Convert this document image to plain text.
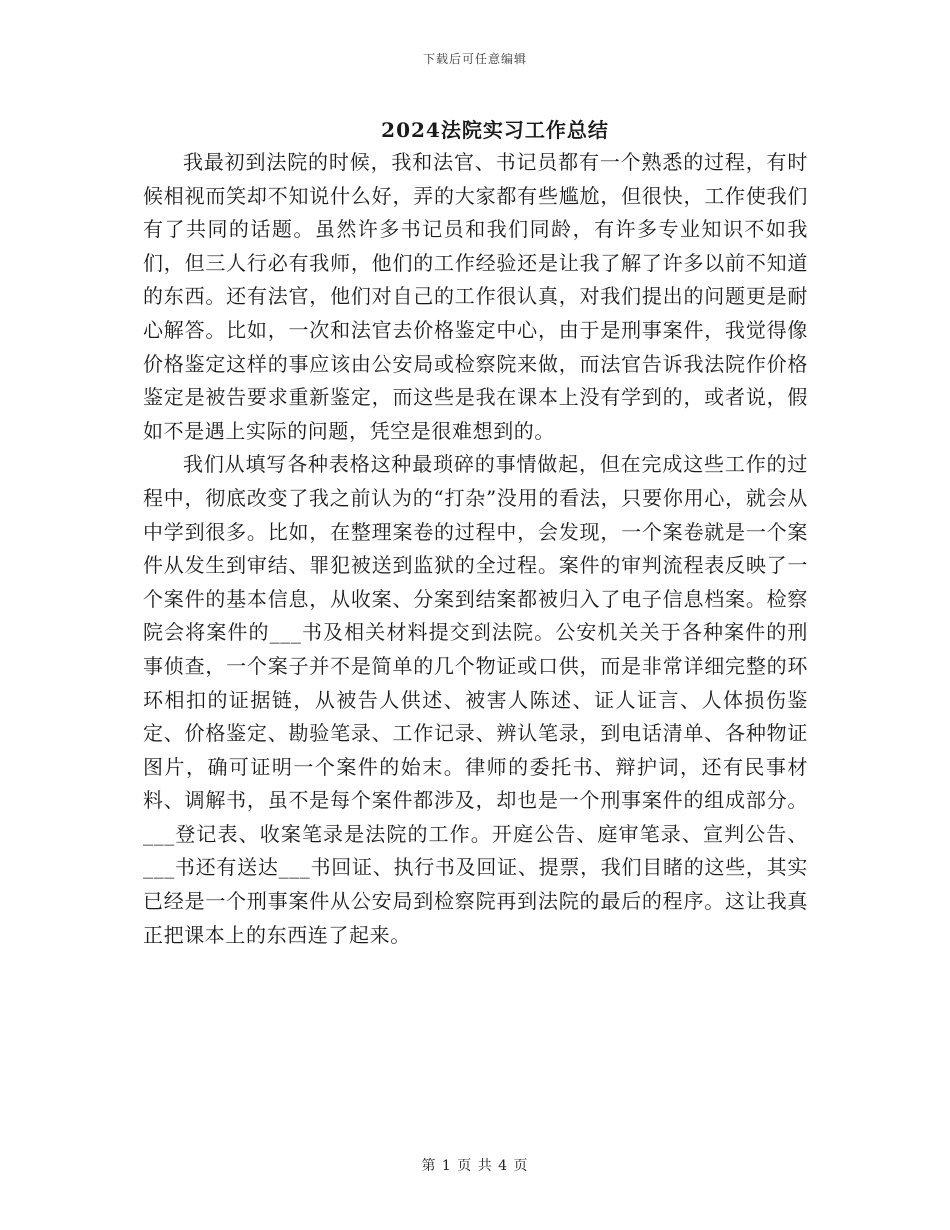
下载后可任意编辑
2024法院实习工作总结

我最初到法院的时候，我和法官、书记员都有一个熟悉的过程，有时候相视而笑却不知说什么好，弄的大家都有些尴尬，但很快，工作使我们有了共同的话题。虽然许多书记员和我们同龄，有许多专业知识不如我们，但三人行必有我师，他们的工作经验还是让我了解了许多以前不知道的东西。还有法官，他们对自己的工作很认真，对我们提出的问题更是耐心解答。比如，一次和法官去价格鉴定中心，由于是刑事案件，我觉得像价格鉴定这样的事应该由公安局或检察院来做，而法官告诉我法院作价格鉴定是被告要求重新鉴定，而这些是我在课本上没有学到的，或者说，假如不是遇上实际的问题，凭空是很难想到的。

我们从填写各种表格这种最琐碎的事情做起，但在完成这些工作的过程中，彻底改变了我之前认为的“打杂”没用的看法，只要你用心，就会从中学到很多。比如，在整理案卷的过程中，会发现，一个案卷就是一个案件从发生到审结、罪犯被送到监狱的全过程。案件的审判流程表反映了一个案件的基本信息，从收案、分案到结案都被归入了电子信息档案。检察院会将案件的___书及相关材料提交到法院。公安机关关于各种案件的刑事侦查，一个案子并不是简单的几个物证或口供，而是非常详细完整的环环相扣的证据链，从被告人供述、被害人陈述、证人证言、人体损伤鉴定、价格鉴定、勘验笔录、工作记录、辨认笔录，到电话清单、各种物证图片，确可证明一个案件的始末。律师的委托书、辩护词，还有民事材料、调解书，虽不是每个案件都涉及，却也是一个刑事案件的组成部分。___登记表、收案笔录是法院的工作。开庭公告、庭审笔录、宣判公告、___书还有送达___书回证、执行书及回证、提票，我们目睹的这些，其实已经是一个刑事案件从公安局到检察院再到法院的最后的程序。这让我真正把课本上的东西连了起来。

第 1 页 共 4 页
